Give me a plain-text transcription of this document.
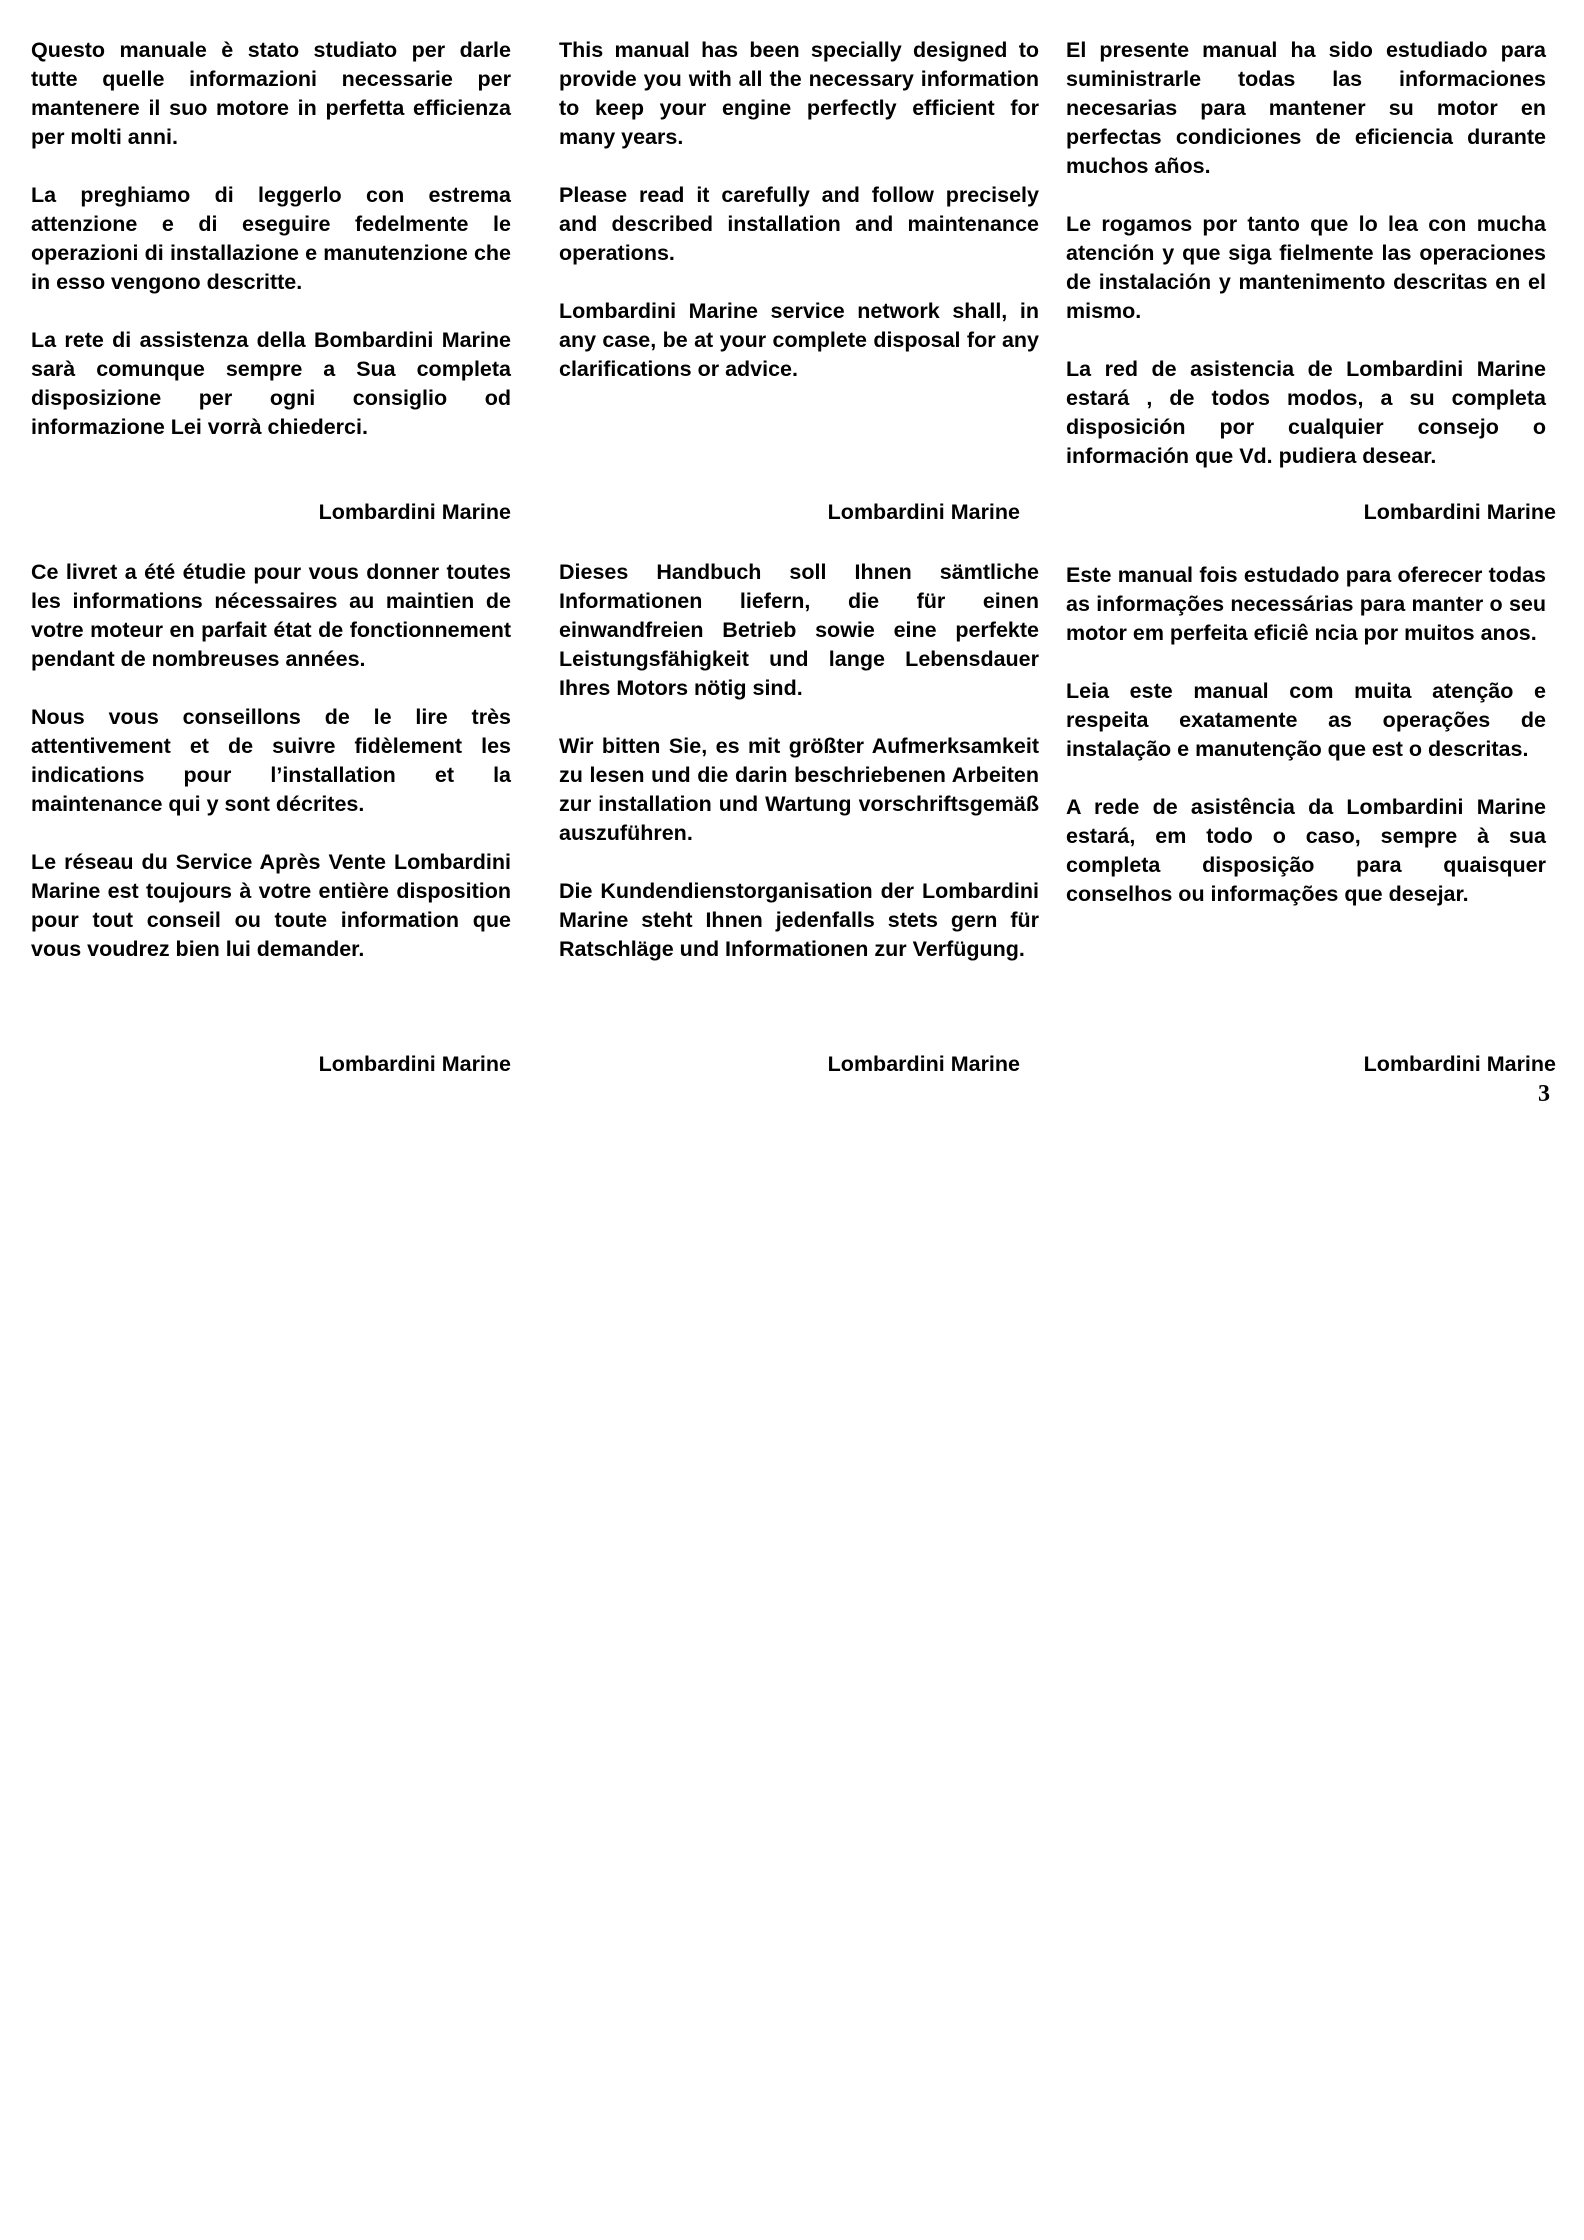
Questo manuale è stato studiato per darle tutte quelle informazioni necessarie per mantenere il suo motore in perfetta efficienza per molti anni.

La preghiamo di leggerlo con estrema attenzione e di eseguire fedelmente le operazioni di installazione e manutenzione che in esso vengono descritte.

La rete di assistenza della Bombardini Marine sarà comunque sempre a Sua completa disposizione per ogni consiglio od informazione Lei vorrà chiederci.

Lombardini Marine

This manual has been specially designed to provide you with all the necessary information to keep your engine perfectly efficient for many years.

Please read it carefully and follow precisely and described installation and maintenance operations.

Lombardini Marine service network shall, in any case, be at your complete disposal for any clarifications or advice.

Lombardini Marine

El presente manual ha sido estudiado para suministrarle todas las informaciones necesarias para mantener su motor en perfectas condiciones de eficiencia durante muchos años.

Le rogamos por tanto que lo lea con mucha atención y que siga fielmente las operaciones de instalación y mantenimento descritas en el mismo.

La red de asistencia de Lombardini Marine estará , de todos modos, a su completa disposición por cualquier consejo o información que Vd. pudiera desear.

Lombardini Marine

Ce livret a été étudie pour vous donner toutes les informations nécessaires au maintien de votre moteur en parfait état de fonctionnement pendant de nombreuses années.

Nous vous conseillons de le lire très attentivement et de suivre fidèlement les indications pour l’installation et la maintenance qui y sont décrites.

Le réseau du Service Après Vente Lombardini Marine est toujours à votre entière disposition pour tout conseil ou toute information que vous voudrez bien lui demander.

Lombardini Marine

Dieses Handbuch soll Ihnen sämtliche Informationen liefern, die für einen einwandfreien Betrieb sowie eine perfekte Leistungsfähigkeit und lange Lebensdauer Ihres Motors nötig sind.

Wir bitten Sie, es mit größter Aufmerksamkeit zu lesen und die darin beschriebenen Arbeiten zur installation und Wartung vorschriftsgemäß auszuführen.

Die Kundendienstorganisation der Lombardini Marine steht Ihnen jedenfalls stets gern für Ratschläge und Informationen zur Verfügung.

Lombardini Marine

Este manual fois estudado para oferecer todas as informações necessárias para manter o seu motor em perfeita eficiê ncia por muitos anos.

Leia este manual com muita atenção e respeita exatamente as operações de instalação e manutenção que est o descritas.

A rede de asistência da Lombardini Marine estará, em todo o caso, sempre à sua completa disposição para quaisquer conselhos ou informações que desejar.

Lombardini Marine
3
